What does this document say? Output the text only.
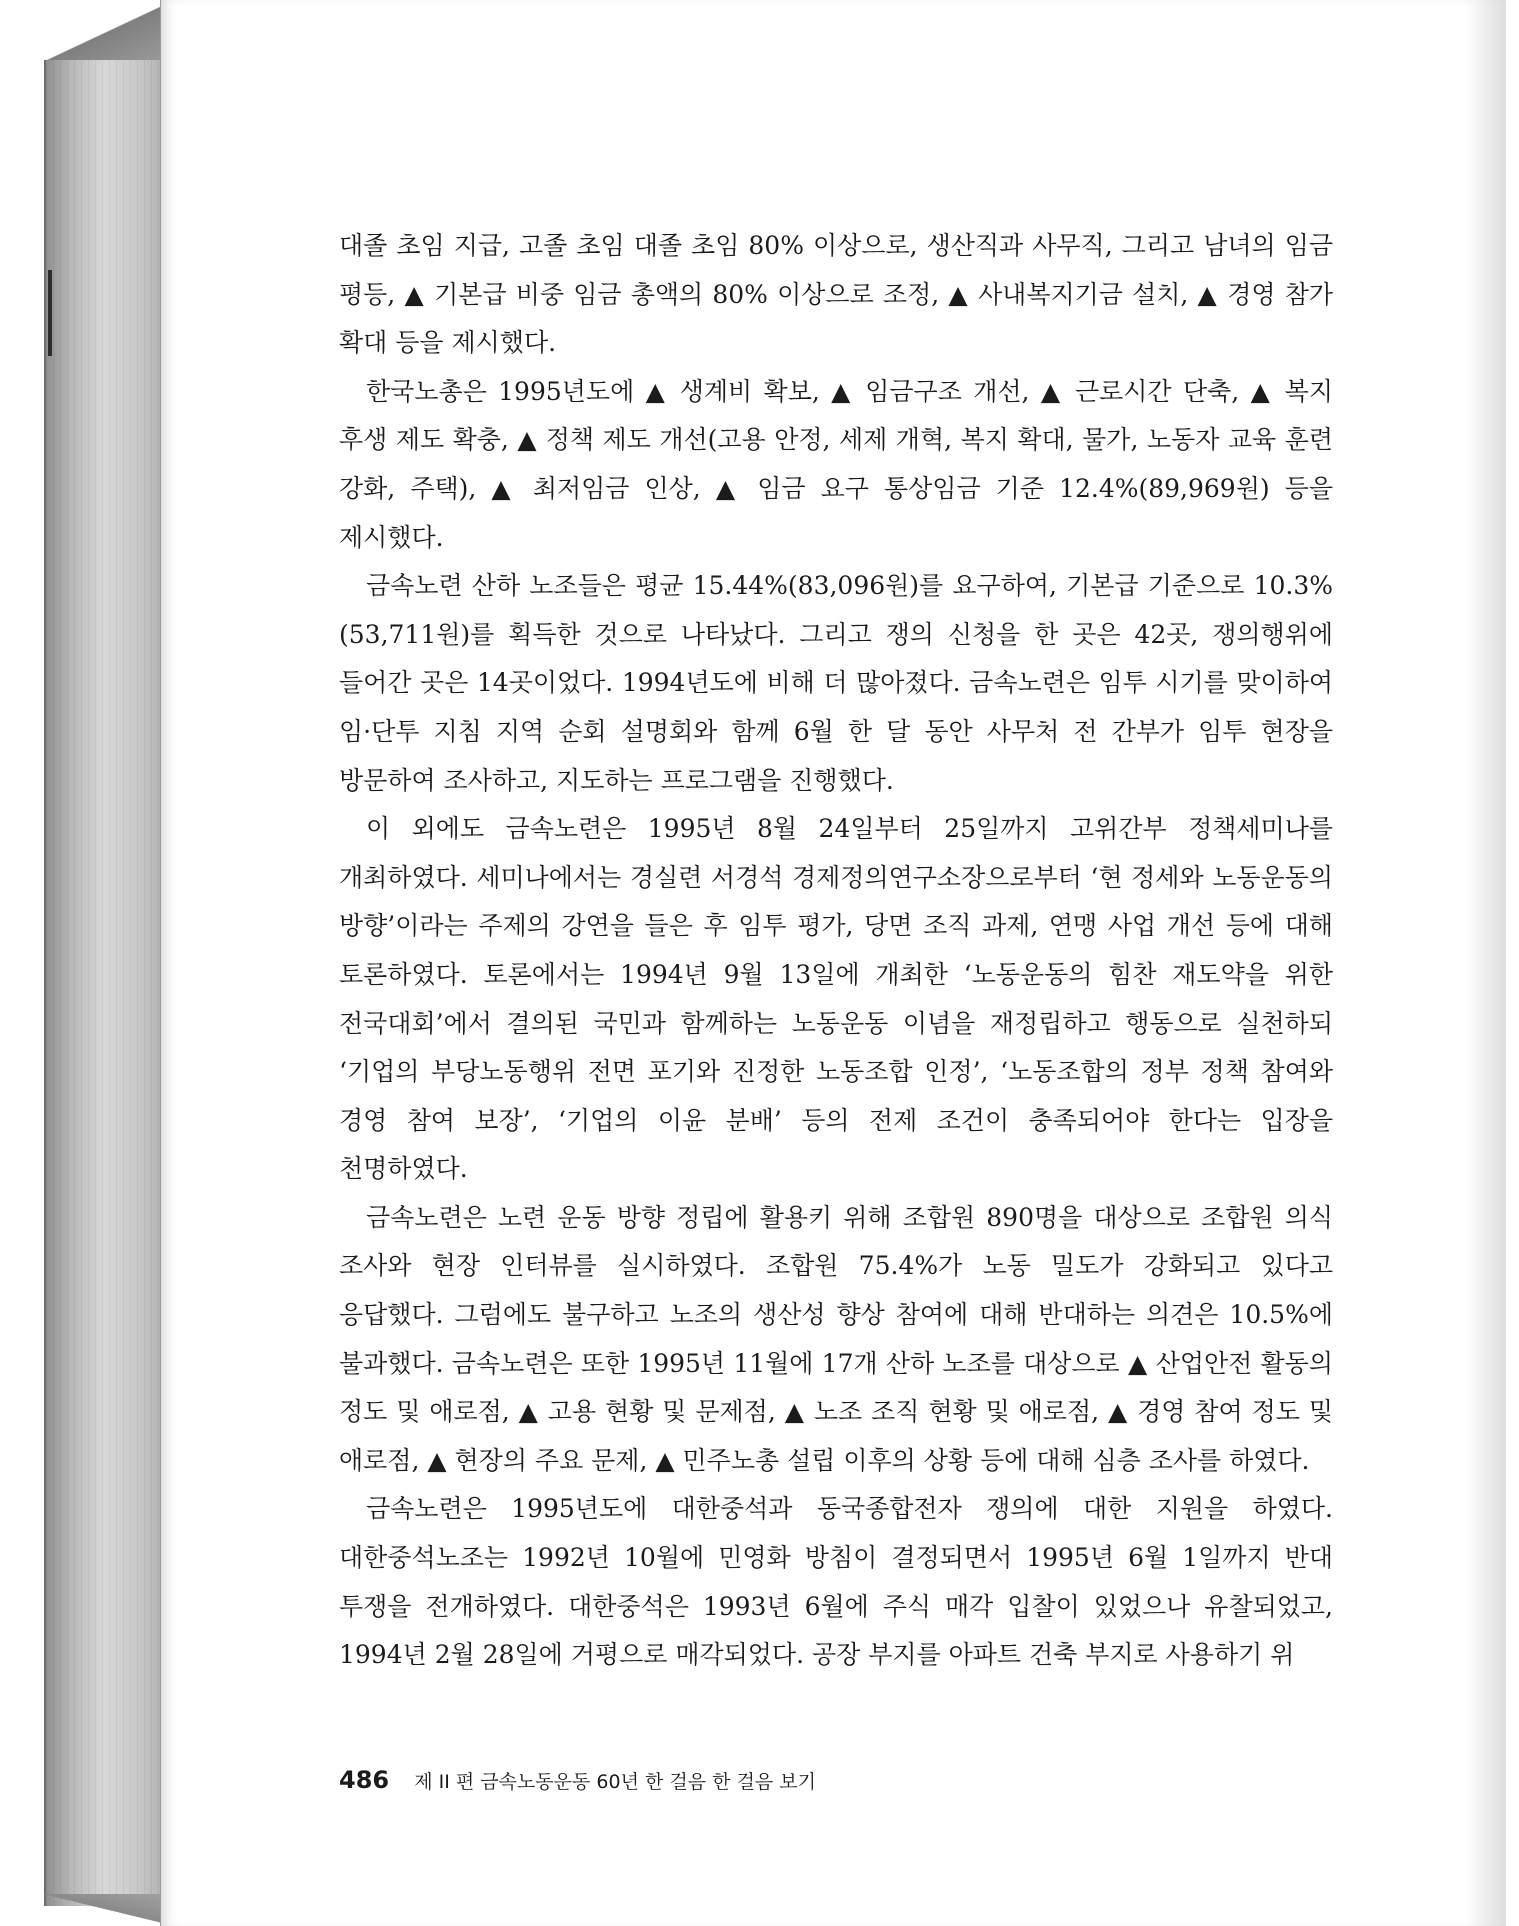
대졸 초임 지급, 고졸 초임 대졸 초임 80% 이상으로, 생산직과 사무직, 그리고 남녀의 임금 평등, ▲ 기본급 비중 임금 총액의 80% 이상으로 조정, ▲ 사내복지기금 설치, ▲ 경영 참가 확대 등을 제시했다.

한국노총은 1995년도에 ▲ 생계비 확보, ▲ 임금구조 개선, ▲ 근로시간 단축, ▲ 복지 후생 제도 확충, ▲ 정책 제도 개선(고용 안정, 세제 개혁, 복지 확대, 물가, 노동자 교육 훈련 강화, 주택), ▲ 최저임금 인상, ▲ 임금 요구 통상임금 기준 12.4%(89,969원) 등을 제시했다.

금속노련 산하 노조들은 평균 15.44%(83,096원)를 요구하여, 기본급 기준으로 10.3%(53,711원)를 획득한 것으로 나타났다. 그리고 쟁의 신청을 한 곳은 42곳, 쟁의행위에 들어간 곳은 14곳이었다. 1994년도에 비해 더 많아졌다. 금속노련은 임투 시기를 맞이하여 임·단투 지침 지역 순회 설명회와 함께 6월 한 달 동안 사무처 전 간부가 임투 현장을 방문하여 조사하고, 지도하는 프로그램을 진행했다.

이 외에도 금속노련은 1995년 8월 24일부터 25일까지 고위간부 정책세미나를 개최하였다. 세미나에서는 경실련 서경석 경제정의연구소장으로부터 ‘현 정세와 노동운동의 방향’이라는 주제의 강연을 들은 후 임투 평가, 당면 조직 과제, 연맹 사업 개선 등에 대해 토론하였다. 토론에서는 1994년 9월 13일에 개최한 ‘노동운동의 힘찬 재도약을 위한 전국대회’에서 결의된 국민과 함께하는 노동운동 이념을 재정립하고 행동으로 실천하되 ‘기업의 부당노동행위 전면 포기와 진정한 노동조합 인정’, ‘노동조합의 정부 정책 참여와 경영 참여 보장’, ‘기업의 이윤 분배’ 등의 전제 조건이 충족되어야 한다는 입장을 천명하였다.

금속노련은 노련 운동 방향 정립에 활용키 위해 조합원 890명을 대상으로 조합원 의식 조사와 현장 인터뷰를 실시하였다. 조합원 75.4%가 노동 밀도가 강화되고 있다고 응답했다. 그럼에도 불구하고 노조의 생산성 향상 참여에 대해 반대하는 의견은 10.5%에 불과했다. 금속노련은 또한 1995년 11월에 17개 산하 노조를 대상으로 ▲ 산업안전 활동의 정도 및 애로점, ▲ 고용 현황 및 문제점, ▲ 노조 조직 현황 및 애로점, ▲ 경영 참여 정도 및 애로점, ▲ 현장의 주요 문제, ▲ 민주노총 설립 이후의 상황 등에 대해 심층 조사를 하였다.

금속노련은 1995년도에 대한중석과 동국종합전자 쟁의에 대한 지원을 하였다. 대한중석노조는 1992년 10월에 민영화 방침이 결정되면서 1995년 6월 1일까지 반대 투쟁을 전개하였다. 대한중석은 1993년 6월에 주식 매각 입찰이 있었으나 유찰되었고, 1994년 2월 28일에 거평으로 매각되었다. 공장 부지를 아파트 건축 부지로 사용하기 위

486 제 II 편 금속노동운동 60년 한 걸음 한 걸음 보기
